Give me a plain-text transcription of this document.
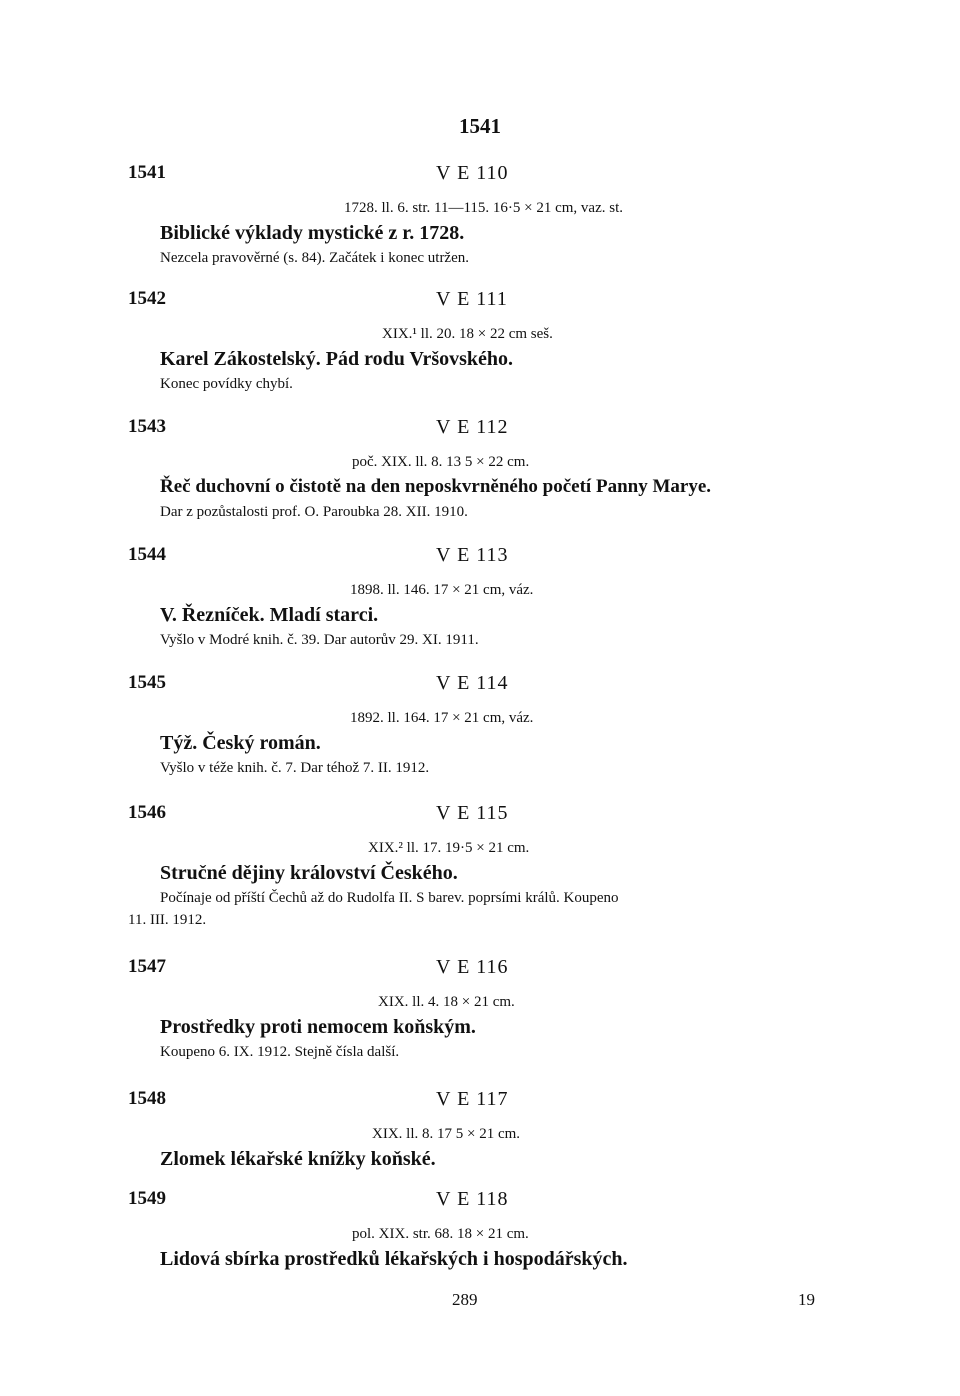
1541
1541	V E 110
1728. ll. 6. str. 11—115. 16·5 × 21 cm, vaz. st.
Biblické výklady mystické z r. 1728.
Nezcela pravověrné (s. 84). Začátek i konec utržen.
1542	V E 111
XIX.¹ ll. 20. 18 × 22 cm seš.
Karel Zákostelský. Pád rodu Vršovského.
Konec povídky chybí.
1543	V E 112
poč. XIX. ll. 8. 13 5 × 22 cm.
Řeč duchovní o čistotě na den neposkvrněného početí Panny Marye.
Dar z pozůstalosti prof. O. Paroubka 28. XII. 1910.
1544	V E 113
1898. ll. 146. 17 × 21 cm, váz.
V. Řezníček. Mladí starci.
Vyšlo v Modré knih. č. 39. Dar autorův 29. XI. 1911.
1545	V E 114
1892. ll. 164. 17 × 21 cm, váz.
Týž. Český román.
Vyšlo v téže knih. č. 7. Dar téhož 7. II. 1912.
1546	V E 115
XIX.² ll. 17. 19·5 × 21 cm.
Stručné dějiny království Českého.
Počínaje od příští Čechů až do Rudolfa II. S barev. poprsími králů. Koupeno
11. III. 1912.
1547	V E 116
XIX. ll. 4. 18 × 21 cm.
Prostředky proti nemocem koňským.
Koupeno 6. IX. 1912. Stejně čísla další.
1548	V E 117
XIX. ll. 8. 17 5 × 21 cm.
Zlomek lékařské knížky koňské.
1549	V E 118
pol. XIX. str. 68. 18 × 21 cm.
Lidová sbírka prostředků lékařských i hospodářských.
289	19
